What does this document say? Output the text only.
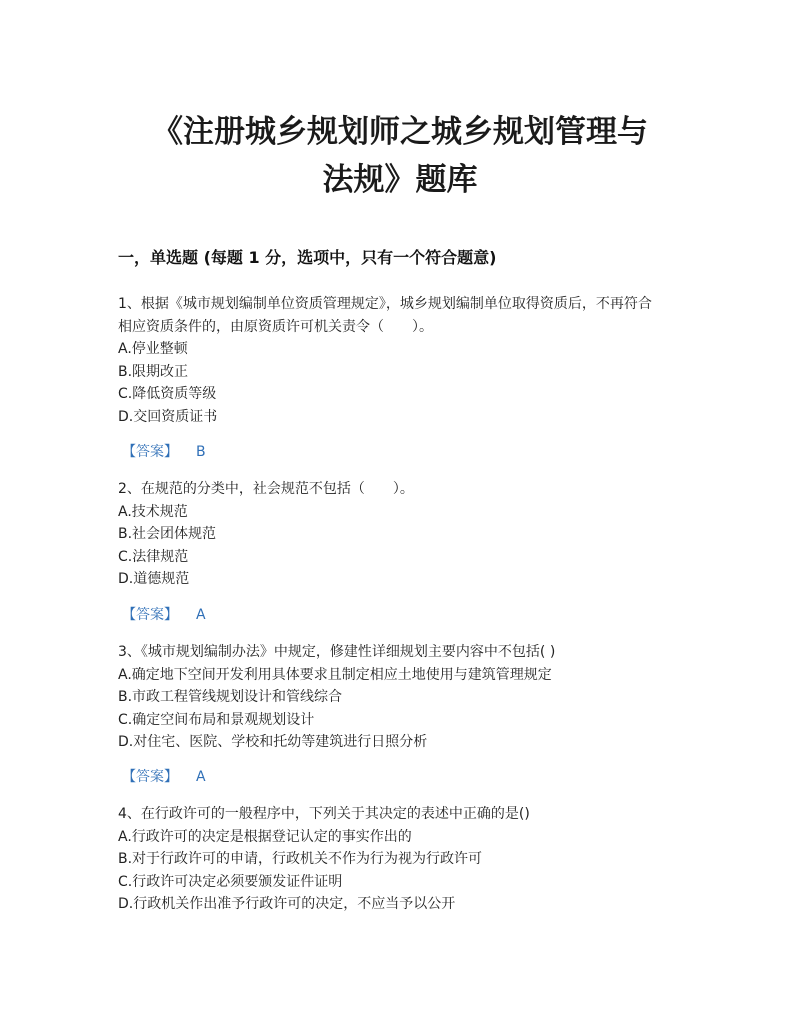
《注册城乡规划师之城乡规划管理与
法规》题库
一，单选题 (每题 1 分，选项中，只有一个符合题意)

1、根据《城市规划编制单位资质管理规定》，城乡规划编制单位取得资质后，不再符合

相应资质条件的，由原资质许可机关责令（　　）。

A.停业整顿

B.限期改正

C.降低资质等级

D.交回资质证书

【答案】 B

2、在规范的分类中，社会规范不包括（　　）。

A.技术规范

B.社会团体规范

C.法律规范

D.道德规范

【答案】 A

3、《城市规划编制办法》中规定，修建性详细规划主要内容中不包括( )

A.确定地下空间开发利用具体要求且制定相应土地使用与建筑管理规定

B.市政工程管线规划设计和管线综合

C.确定空间布局和景观规划设计

D.对住宅、医院、学校和托幼等建筑进行日照分析

【答案】 A

4、在行政许可的一般程序中，下列关于其决定的表述中正确的是()

A.行政许可的决定是根据登记认定的事实作出的

B.对于行政许可的申请，行政机关不作为行为视为行政许可

C.行政许可决定必须要颁发证件证明

D.行政机关作出准予行政许可的决定，不应当予以公开
